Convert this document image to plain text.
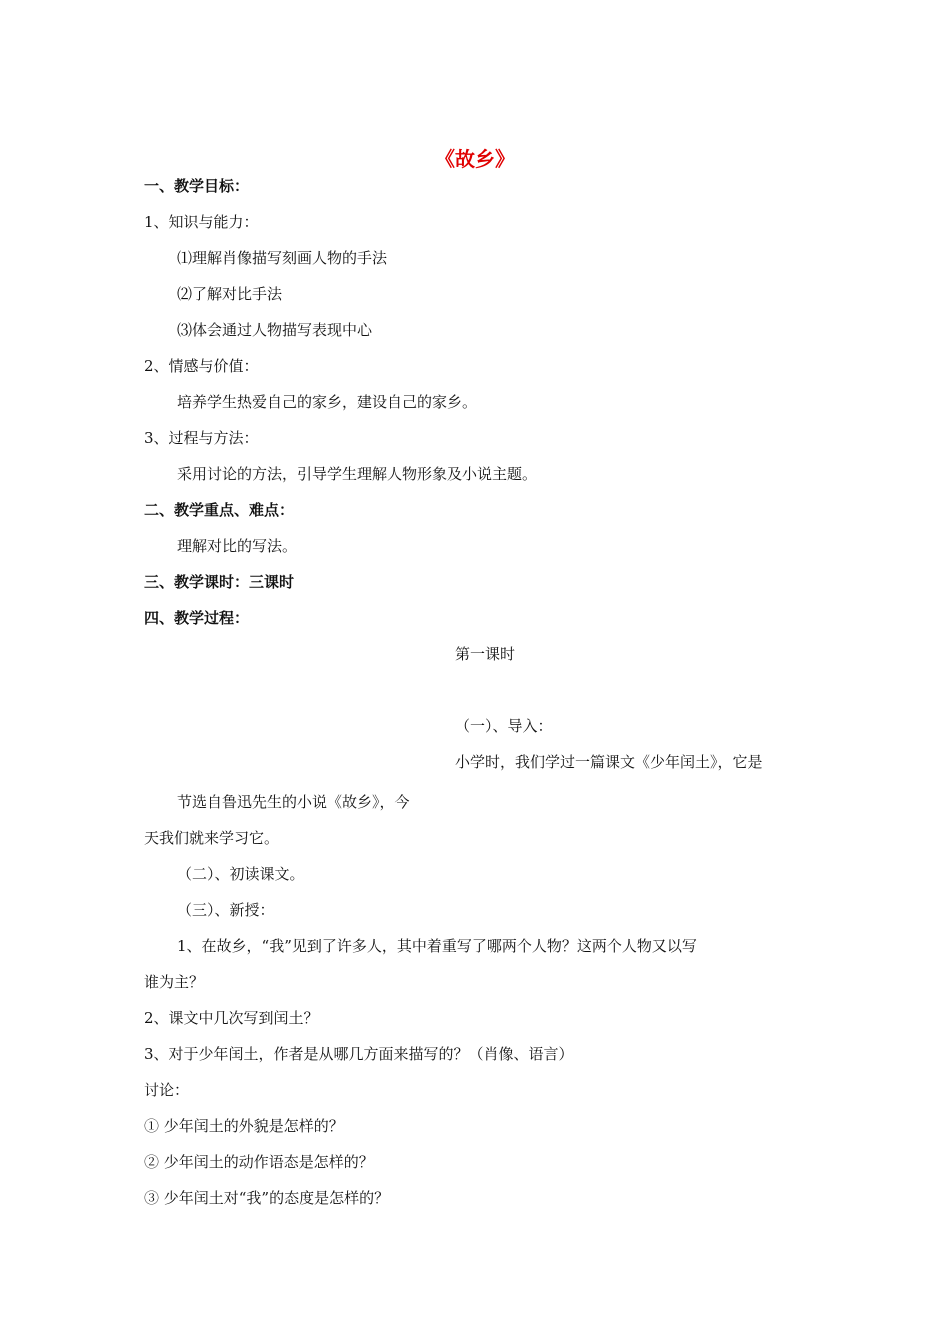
《故乡》
一、教学目标：
1、知识与能力：
⑴理解肖像描写刻画人物的手法
⑵了解对比手法
⑶体会通过人物描写表现中心
2、情感与价值：
培养学生热爱自己的家乡，建设自己的家乡。
3、过程与方法：
采用讨论的方法，引导学生理解人物形象及小说主题。
二、教学重点、难点：
理解对比的写法。
三、教学课时：三课时
四、教学过程：
第一课时
（一）、导入：
小学时，我们学过一篇课文《少年闰土》，它是
节选自鲁迅先生的小说《故乡》，今
天我们就来学习它。
（二）、初读课文。
（三）、新授：
1、在故乡，“我”见到了许多人，其中着重写了哪两个人物？这两个人物又以写
谁为主？
2、课文中几次写到闰土？
3、对于少年闰土，作者是从哪几方面来描写的？（肖像、语言）
讨论：
① 少年闰土的外貌是怎样的？
② 少年闰土的动作语态是怎样的？
③ 少年闰土对“我”的态度是怎样的？
